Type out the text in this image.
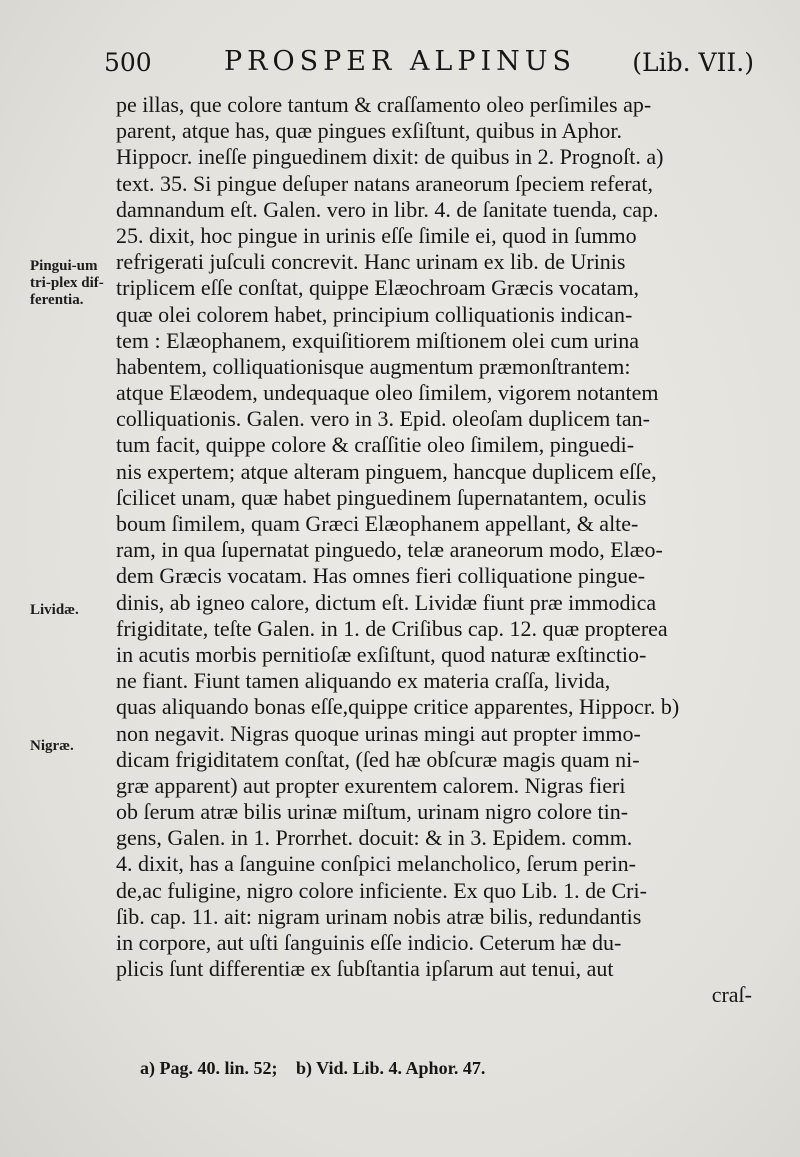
500	PROSPER ALPINUS (Lib. VII.)
Pingui-um tri-plex dif-ferentia.
Lividæ.
Nigræ.
pe illas, que colore tantum & craſſamento oleo perſimiles ap-
parent, atque has, quæ pingues exſiſtunt, quibus in Aphor.
Hippocr. ineſſe pinguedinem dixit: de quibus in 2. Prognoſt. a)
text. 35. Si pingue deſuper natans araneorum ſpeciem referat,
damnandum eſt. Galen. vero in libr. 4. de ſanitate tuenda, cap.
25. dixit, hoc pingue in urinis eſſe ſimile ei, quod in ſummo
refrigerati juſculi concrevit. Hanc urinam ex lib. de Urinis
triplicem eſſe conſtat, quippe Elæochroam Græcis vocatam,
quæ olei colorem habet, principium colliquationis indican-
tem : Elæophanem, exquiſitiorem miſtionem olei cum urina
habentem, colliquationisque augmentum præmonſtrantem:
atque Elæodem, undequaque oleo ſimilem, vigorem notantem
colliquationis. Galen. vero in 3. Epid. oleoſam duplicem tan-
tum facit, quippe colore & craſſitie oleo ſimilem, pinguedi-
nis expertem; atque alteram pinguem, hancque duplicem eſſe,
ſcilicet unam, quæ habet pinguedinem ſupernatantem, oculis
boum ſimilem, quam Græci Elæophanem appellant, & alte-
ram, in qua ſupernatat pinguedo, telæ araneorum modo, Elæo-
dem Græcis vocatam. Has omnes fieri colliquatione pingue-
dinis, ab igneo calore, dictum eſt. Lividæ fiunt præ immodica
frigiditate, teſte Galen. in 1. de Criſibus cap. 12. quæ propterea
in acutis morbis pernitioſæ exſiſtunt, quod naturæ exſtinctio-
ne fiant. Fiunt tamen aliquando ex materia craſſa, livida,
quas aliquando bonas eſſe,quippe critice apparentes, Hippocr. b)
non negavit. Nigras quoque urinas mingi aut propter immo-
dicam frigiditatem conſtat, (ſed hæ obſcuræ magis quam ni-
græ apparent) aut propter exurentem calorem. Nigras fieri
ob ſerum atræ bilis urinæ miſtum, urinam nigro colore tin-
gens, Galen. in 1. Prorrhet. docuit: & in 3. Epidem. comm.
4. dixit, has a ſanguine conſpici melancholico, ſerum perin-
de,ac fuligine, nigro colore inficiente. Ex quo Lib. 1. de Cri-
ſib. cap. 11. ait: nigram urinam nobis atræ bilis, redundantis
in corpore, aut uſti ſanguinis eſſe indicio. Ceterum hæ du-
plicis ſunt differentiæ ex ſubſtantia ipſarum aut tenui, aut
craſ-
a) Pag. 40. lin. 52; b) Vid. Lib. 4. Aphor. 47.
